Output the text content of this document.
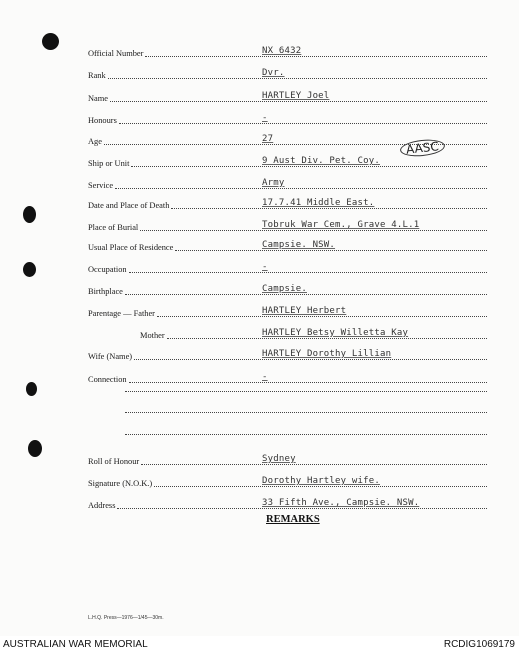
Official Number	NX 6432
Rank	Dvr.
Name	HARTLEY Joel
Honours	-
Age	27
Ship or Unit	9 Aust Div. Pet. Coy.
AASC
Service	Army
Date and Place of Death	17.7.41 Middle East.
Place of Burial	Tobruk War Cem., Grave 4.L.1
Usual Place of Residence	Campsie. NSW.
Occupation	-
Birthplace	Campsie.
Parentage — Father	HARTLEY Herbert
Mother	HARTLEY Betsy Willetta Kay
Wife (Name)	HARTLEY Dorothy Lillian
Connection	-
Roll of Honour	Sydney
Signature (N.O.K.)	Dorothy Hartley wife.
Address	33 Fifth Ave., Campsie. NSW.
REMARKS
L.H.Q. Press—1976—1/45—30m.
AUSTRALIAN WAR MEMORIAL	RCDIG1069179
